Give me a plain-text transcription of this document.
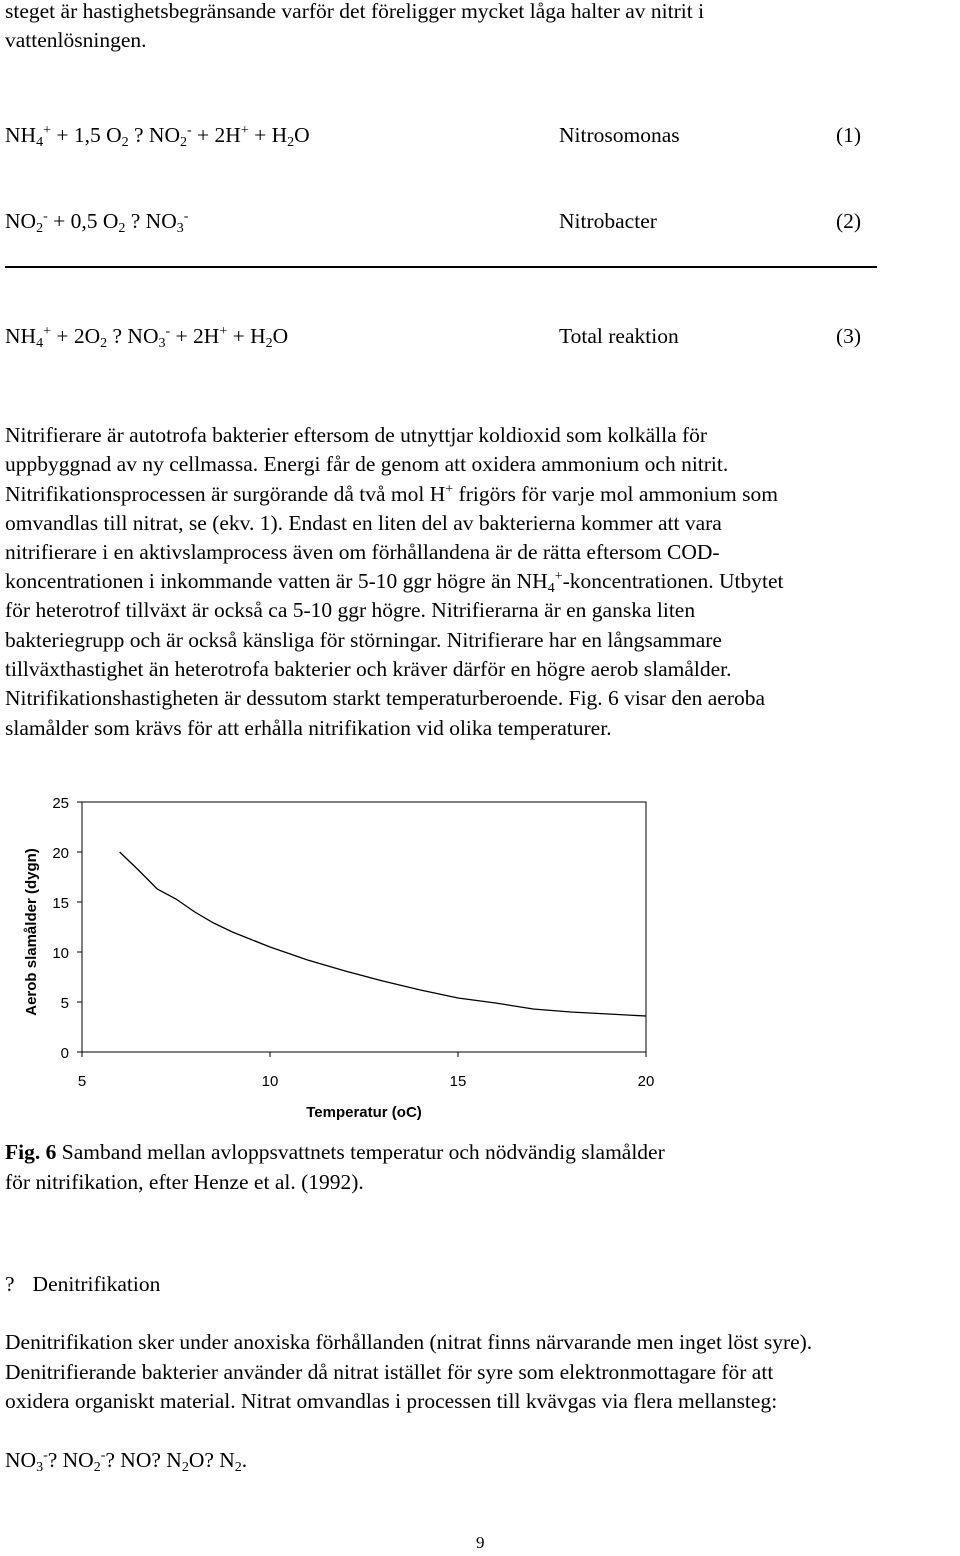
steget är hastighetsbegränsande varför det föreligger mycket låga halter av nitrit i
vattenlösningen.
$NH_4^+ + 1,5$ $O_2$ ? $NO_2^- + 2H^+ + H_2O$	Nitrosomonas	(1)
$NO_2^- + 0,5$ $O_2$ ? $NO_3^-$	Nitrobacter	(2)
$NH_4^+ + 2O_2$ ? $NO_3^- + 2H^+ + H_2O$	Total reaktion	(3)
Nitrifierare är autotrofa bakterier eftersom de utnyttjar koldioxid som kolkälla för
uppbyggnad av ny cellmassa. Energi får de genom att oxidera ammonium och nitrit.
Nitrifikationsprocessen är surgörande då två mol H+ frigörs för varje mol ammonium som
omvandlas till nitrat, se (ekv. 1). Endast en liten del av bakterierna kommer att vara
nitrifierare i en aktivslamprocess även om förhållandena är de rätta eftersom COD-
koncentrationen i inkommande vatten är 5-10 ggr högre än $NH_4^+$-koncentrationen. Utbytet
för heterotrof tillväxt är också ca 5-10 ggr högre. Nitrifierarna är en ganska liten
bakteriegrupp och är också känsliga för störningar. Nitrifierare har en långsammare
tillväxthastighet än heterotrofa bakterier och kräver därför en högre aerob slamålder.
Nitrifikationshastigheten är dessutom starkt temperaturberoende. Fig. 6 visar den aeroba
slamålder som krävs för att erhålla nitrifikation vid olika temperaturer.
25
20
15
10
5
0
5	10	15	20
Temperatur (oC)
Aerob slamålder (dygn)
Fig. 6 Samband mellan avloppsvattnets temperatur och nödvändig slamålder
för nitrifikation, efter Henze et al. (1992).
? Denitrifikation
Denitrifikation sker under anoxiska förhållanden (nitrat finns närvarande men inget löst syre).
Denitrifierande bakterier använder då nitrat istället för syre som elektronmottagare för att
oxidera organiskt material. Nitrat omvandlas i processen till kvävgas via flera mellansteg:
$NO_3^-$? $NO_2^-$? NO? $N_2O$? $N_2$.
9
